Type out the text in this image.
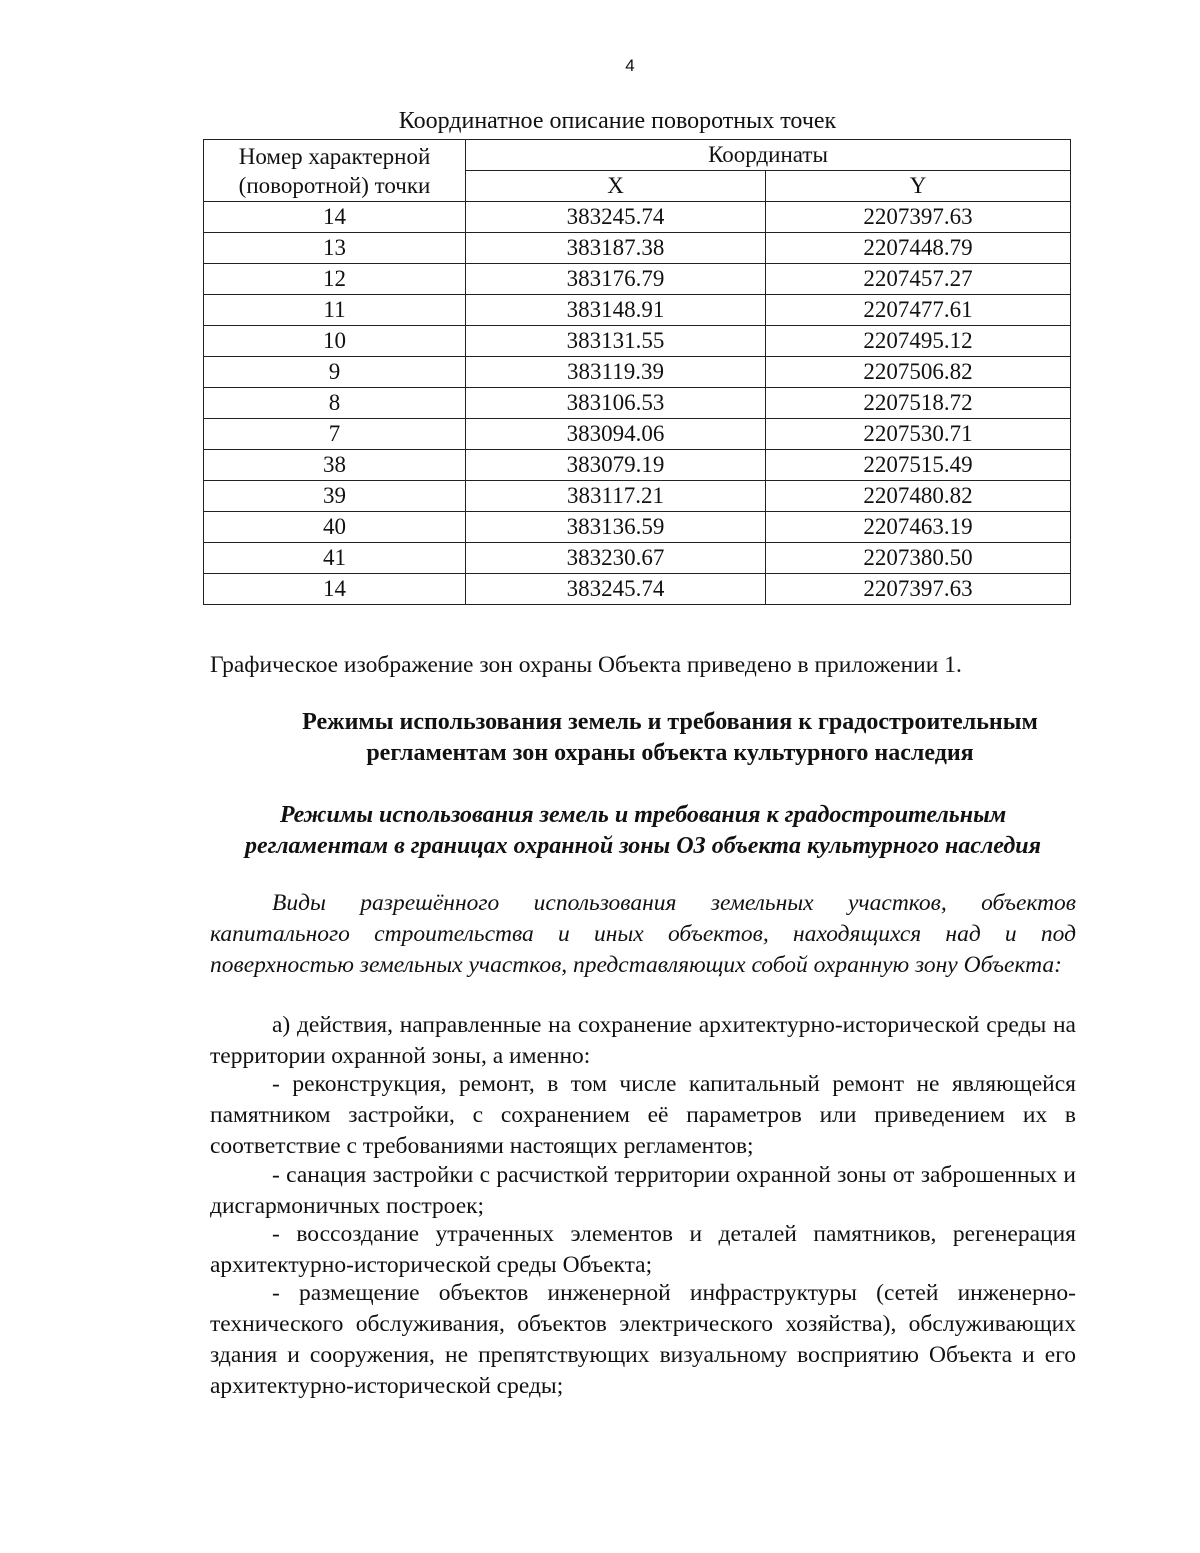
4
Координатное описание поворотных точек
Номер характерной
(поворотной) точки	Координаты	
	X	Y
14	383245.74	2207397.63
13	383187.38	2207448.79
12	383176.79	2207457.27
11	383148.91	2207477.61
10	383131.55	2207495.12
9	383119.39	2207506.82
8	383106.53	2207518.72
7	383094.06	2207530.71
38	383079.19	2207515.49
39	383117.21	2207480.82
40	383136.59	2207463.19
41	383230.67	2207380.50
14	383245.74	2207397.63

Графическое изображение зон охраны Объекта приведено в приложении 1.

Режимы использования земель и требования к градостроительным
регламентам зон охраны объекта культурного наследия
Режимы использования земель и требования к градостроительным
регламентам в границах охранной зоны ОЗ объекта культурного наследия

Виды разрешённого использования земельных участков, объектов капитального строительства и иных объектов, находящихся над и под поверхностью земельных участков, представляющих собой охранную зону Объекта:

а) действия, направленные на сохранение архитектурно-исторической среды на территории охранной зоны, а именно:

- реконструкция, ремонт, в том числе капитальный ремонт не являющейся памятником застройки, с сохранением её параметров или приведением их в соответствие с требованиями настоящих регламентов;

- санация застройки с расчисткой территории охранной зоны от заброшенных и дисгармоничных построек;

- воссоздание утраченных элементов и деталей памятников, регенерация архитектурно-исторической среды Объекта;

- размещение объектов инженерной инфраструктуры (сетей инженерно-технического обслуживания, объектов электрического хозяйства), обслуживающих здания и сооружения, не препятствующих визуальному восприятию Объекта и его архитектурно-исторической среды;
